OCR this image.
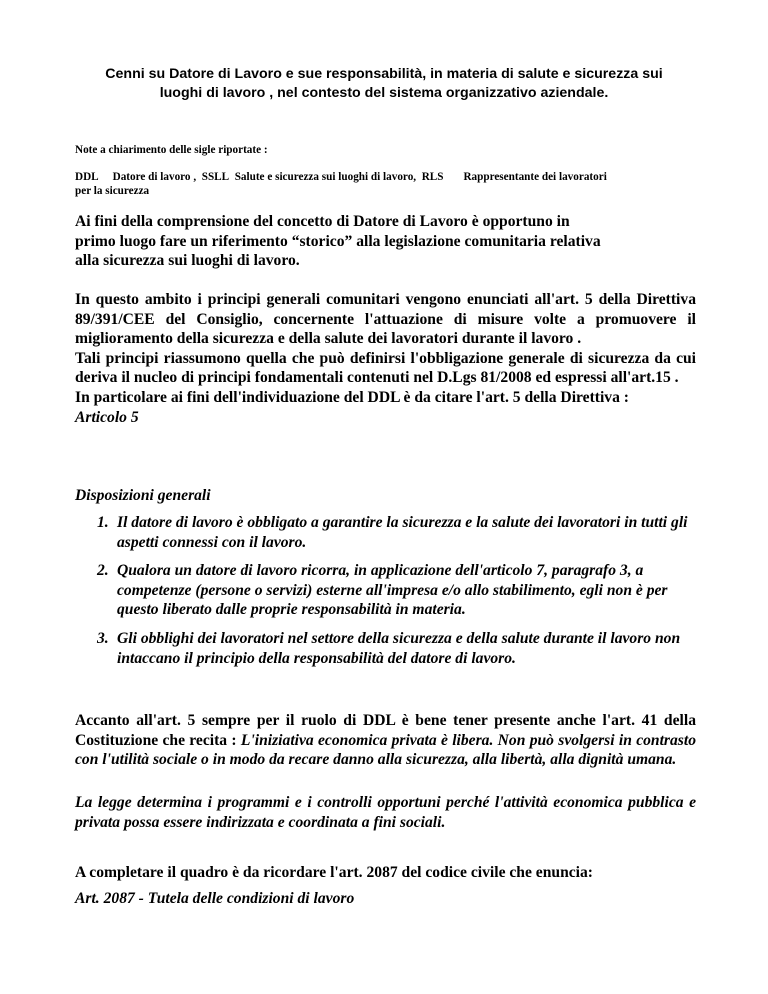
Cenni su Datore di Lavoro e sue responsabilità, in materia di salute e sicurezza sui
luoghi di lavoro , nel contesto del sistema organizzativo aziendale.
Note a chiarimento delle sigle riportate :
DDL Datore di lavoro , SSLL Salute e sicurezza sui luoghi di lavoro, RLS Rappresentante dei lavoratori
per la sicurezza
Ai fini della comprensione del concetto di Datore di Lavoro è opportuno in
primo luogo fare un riferimento “storico” alla legislazione comunitaria relativa
alla sicurezza sui luoghi di lavoro.

In questo ambito i principi generali comunitari vengono enunciati all'art. 5 della Direttiva 89/391/CEE del Consiglio, concernente l'attuazione di misure volte a promuovere il miglioramento della sicurezza e della salute dei lavoratori durante il lavoro .

Tali principi riassumono quella che può definirsi l'obbligazione generale di sicurezza da cui deriva il nucleo di principi fondamentali contenuti nel D.Lgs 81/2008 ed espressi all'art.15 .

In particolare ai fini dell'individuazione del DDL è da citare l'art. 5 della Direttiva :

Articolo 5

Disposizioni generali
1. Il datore di lavoro è obbligato a garantire la sicurezza e la salute dei lavoratori in tutti gli aspetti connessi con il lavoro.
2. Qualora un datore di lavoro ricorra, in applicazione dell'articolo 7, paragrafo 3, a competenze (persone o servizi) esterne all'impresa e/o allo stabilimento, egli non è per questo liberato dalle proprie responsabilità in materia.
3. Gli obblighi dei lavoratori nel settore della sicurezza e della salute durante il lavoro non intaccano il principio della responsabilità del datore di lavoro.
Accanto all'art. 5 sempre per il ruolo di DDL è bene tener presente anche l'art. 41 della Costituzione che recita : L'iniziativa economica privata è libera. Non può svolgersi in contrasto con l'utilità sociale o in modo da recare danno alla sicurezza, alla libertà, alla dignità umana.
La legge determina i programmi e i controlli opportuni perché l'attività economica pubblica e privata possa essere indirizzata e coordinata a fini sociali.
A completare il quadro è da ricordare l'art. 2087 del codice civile che enuncia:
Art. 2087 - Tutela delle condizioni di lavoro
